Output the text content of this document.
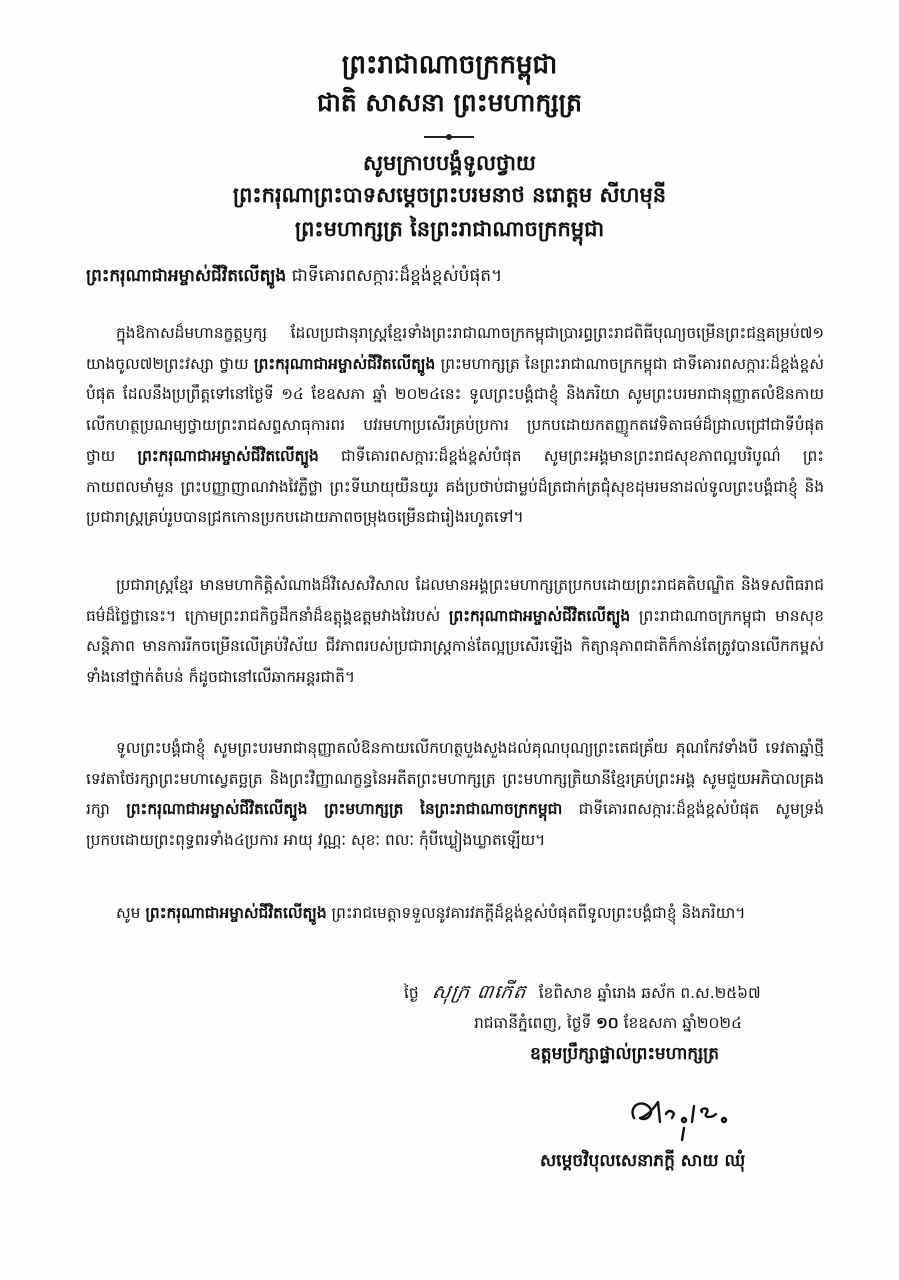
ព្រះរាជាណាចក្រកម្ពុជា
ជាតិ សាសនា ព្រះមហាក្សត្រ
សូមក្រាបបង្គំទូលថ្វាយ
ព្រះករុណាព្រះបាទសម្ដេចព្រះបរមនាថ នរោត្ដម សីហមុនី
ព្រះមហាក្សត្រ នៃព្រះរាជាណាចក្រកម្ពុជា
ព្រះករុណាជាអម្ចាស់ជីវិតលើត្បូង ជាទីគោរពសក្ការៈដ៏ខ្ពង់ខ្ពស់បំផុត។
ក្នុងឱកាសដ៏មហានក្ខត្តឫក្ស ដែលប្រជានុរាស្ត្រខ្មែរទាំងព្រះរាជាណាចក្រកម្ពុជាប្រារព្ធព្រះរាជពិធីបុណ្យចម្រើនព្រះជន្មគម្រប់៧១ យាងចូល៧២ព្រះវស្សា ថ្វាយ ព្រះករុណាជាអម្ចាស់ជីវិតលើត្បូង ព្រះមហាក្សត្រ នៃព្រះរាជាណាចក្រកម្ពុជា ជាទីគោរពសក្ការៈដ៏ខ្ពង់ខ្ពស់បំផុត ដែលនឹងប្រព្រឹត្តទៅនៅថ្ងៃទី ១៤ ខែឧសភា ឆ្នាំ ២០២៤នេះ ទូលព្រះបង្គំជាខ្ញុំ និងភរិយា សូមព្រះបរមរាជានុញ្ញាតលំឱនកាយលើកហត្ថប្រណម្យថ្វាយព្រះរាជសព្ទសាធុការពរ បវរមហាប្រសើរគ្រប់ប្រការ ប្រកបដោយកតញ្ញូកតវេទិតាធម៌ដ៏ជ្រាលជ្រៅជាទីបំផុត ថ្វាយ ព្រះករុណាជាអម្ចាស់ជីវិតលើត្បូង ជាទីគោរពសក្ការៈដ៏ខ្ពង់ខ្ពស់បំផុត សូមព្រះអង្គមានព្រះរាជសុខភាពល្អបរិបូណ៌ ព្រះកាយពលមាំមួន ព្រះបញ្ញាញាណវាងវៃភ្លឺថ្លា ព្រះទីឃាយុយឺនយូរ គង់ប្រថាប់ជាម្លប់ដ៏ត្រជាក់ត្រជុំសុខដុមរមនាដល់ទូលព្រះបង្គំជាខ្ញុំ និងប្រជារាស្ត្រគ្រប់រូបបានជ្រកកោនប្រកបដោយភាពចម្រុងចម្រើនជារៀងរហូតទៅ។
ប្រជារាស្ត្រខ្មែរ មានមហាកិត្តិសំណាងដ៏វិសេសវិសាល ដែលមានអង្គព្រះមហាក្សត្រប្រកបដោយព្រះរាជគតិបណ្ឌិត និងទសពិធរាជធម៌ដ៏ថ្លៃថ្លានេះ។ ក្រោមព្រះរាជកិច្ចដឹកនាំដ៏ឧត្ដុង្គឧត្ដមវាងវៃរបស់ ព្រះករុណាជាអម្ចាស់ជីវិតលើត្បូង ព្រះរាជាណាចក្រកម្ពុជា មានសុខសន្តិភាព មានការរីកចម្រើនលើគ្រប់វិស័យ ជីវភាពរបស់ប្រជារាស្ត្រកាន់តែល្អប្រសើរឡើង កិត្យានុភាពជាតិក៏កាន់តែត្រូវបានលើកកម្ពស់ទាំងនៅថ្នាក់តំបន់ ក៏ដូចជានៅលើឆាកអន្តរជាតិ។
ទូលព្រះបង្គំជាខ្ញុំ សូមព្រះបរមរាជានុញ្ញាតលំឱនកាយលើកហត្ថបួងសួងដល់គុណបុណ្យព្រះតេជគ្រ័យ គុណកែវទាំងបី ទេវតាឆ្នាំថ្មី ទេវតាថែរក្សាព្រះមហាស្វេតច្ឆត្រ និងព្រះវិញ្ញាណក្ខន្ធនៃអតីតព្រះមហាក្សត្រ ព្រះមហាក្សត្រិយានីខ្មែរគ្រប់ព្រះអង្គ សូមជួយអភិបាលគ្រងរក្សា ព្រះករុណាជាអម្ចាស់ជីវិតលើត្បូង ព្រះមហាក្សត្រ នៃព្រះរាជាណាចក្រកម្ពុជា ជាទីគោរពសក្ការៈដ៏ខ្ពង់ខ្ពស់បំផុត សូមទ្រង់ប្រកបដោយព្រះពុទ្ធពរទាំង៤ប្រការ អាយុ វណ្ណៈ សុខៈ ពលៈ កុំបីឃ្លៀងឃ្លាតឡើយ។
សូម ព្រះករុណាជាអម្ចាស់ជីវិតលើត្បូង ព្រះរាជមេត្តាទទួលនូវគារវភក្តីដ៏ខ្ពង់ខ្ពស់បំផុតពីទូលព្រះបង្គំជាខ្ញុំ និងភរិយា។
ថ្ងៃ សុក្រ ៣កើត ខែពិសាខ ឆ្នាំរោង ឆស័ក ព.ស.២៥៦៧
រាជធានីភ្នំពេញ, ថ្ងៃទី ១០ ខែឧសភា ឆ្នាំ២០២៤
ឧត្តមប្រឹក្សាផ្ទាល់ព្រះមហាក្សត្រ
សម្ដេចវិបុលសេនាភក្ដី សាយ ឈុំ
